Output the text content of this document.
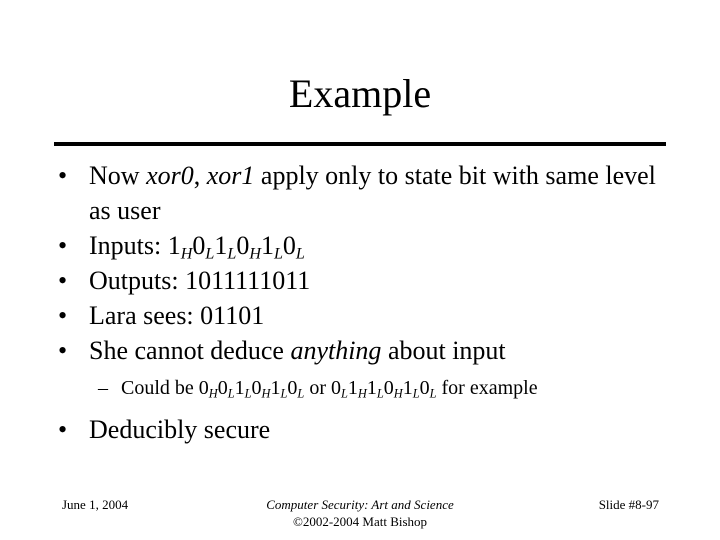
Example
• Now xor0, xor1 apply only to state bit with same level as user
• Inputs: $1_H0_L1_L0_H1_L0_L$
• Outputs: 1011111011
• Lara sees: 01101
• She cannot deduce anything about input
– Could be $0_H0_L1_L0_H1_L0_L$ or $0_L1_H1_L0_H1_L0_L$ for example
• Deducibly secure
June 1, 2004	Computer Security: Art and Science
©2002-2004 Matt Bishop
Slide #8-97
